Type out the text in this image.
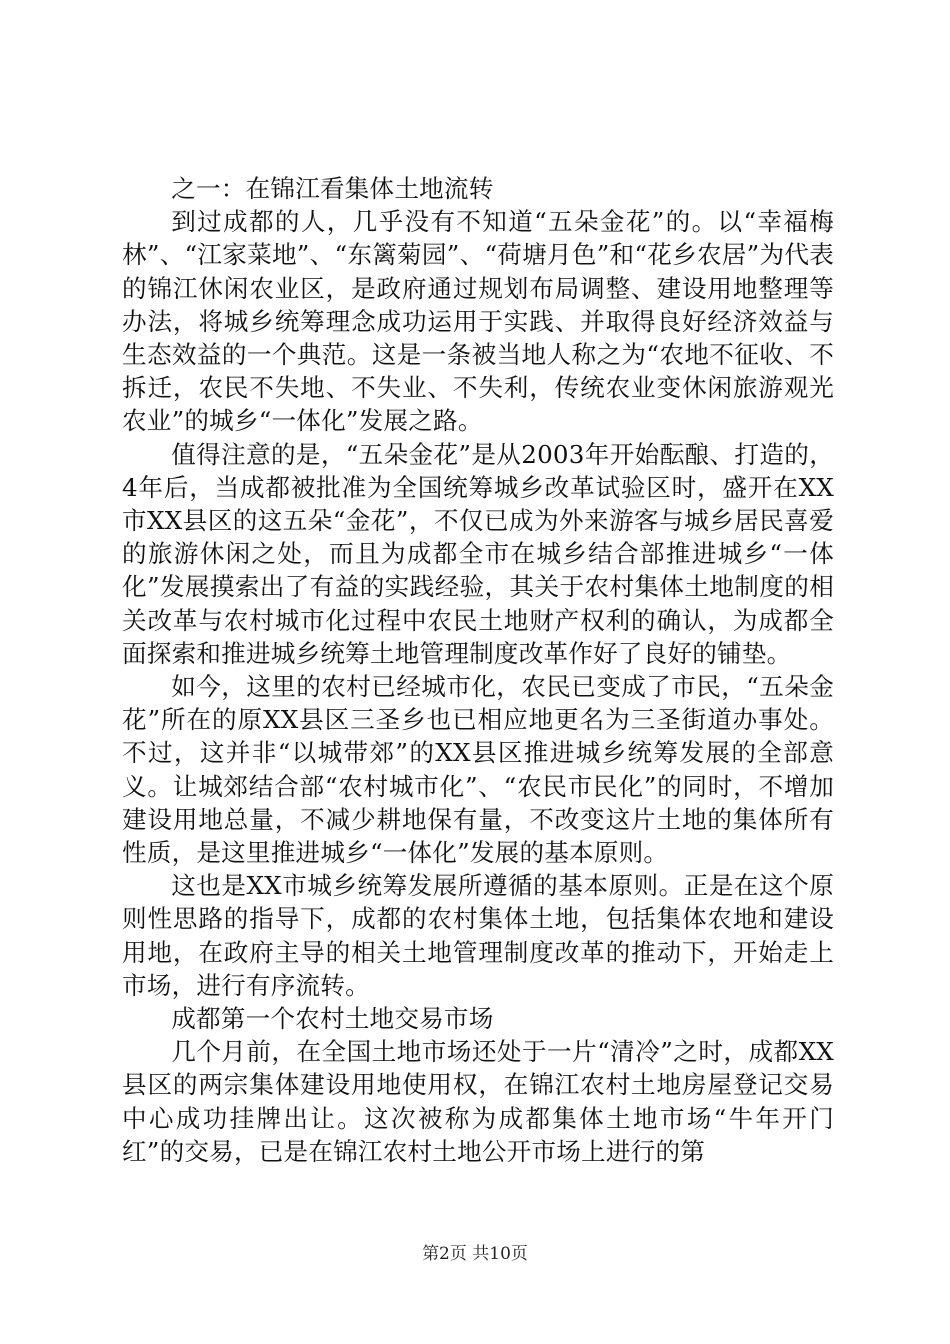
之一：在锦江看集体土地流转

到过成都的人，几乎没有不知道“五朵金花”的。以“幸福梅林”、“江家菜地”、“东篱菊园”、“荷塘月色”和“花乡农居”为代表的锦江休闲农业区，是政府通过规划布局调整、建设用地整理等办法，将城乡统筹理念成功运用于实践、并取得良好经济效益与生态效益的一个典范。这是一条被当地人称之为“农地不征收、不拆迁，农民不失地、不失业、不失利，传统农业变休闲旅游观光农业”的城乡“一体化”发展之路。

值得注意的是，“五朵金花”是从2003年开始酝酿、打造的，4年后，当成都被批准为全国统筹城乡改革试验区时，盛开在XX市XX县区的这五朵“金花”，不仅已成为外来游客与城乡居民喜爱的旅游休闲之处，而且为成都全市在城乡结合部推进城乡“一体化”发展摸索出了有益的实践经验，其关于农村集体土地制度的相关改革与农村城市化过程中农民土地财产权利的确认，为成都全面探索和推进城乡统筹土地管理制度改革作好了良好的铺垫。

如今，这里的农村已经城市化，农民已变成了市民，“五朵金花”所在的原XX县区三圣乡也已相应地更名为三圣街道办事处。不过，这并非“以城带郊”的XX县区推进城乡统筹发展的全部意义。让城郊结合部“农村城市化”、“农民市民化”的同时，不增加建设用地总量，不减少耕地保有量，不改变这片土地的集体所有性质，是这里推进城乡“一体化”发展的基本原则。

这也是XX市城乡统筹发展所遵循的基本原则。正是在这个原则性思路的指导下，成都的农村集体土地，包括集体农地和建设用地，在政府主导的相关土地管理制度改革的推动下，开始走上市场，进行有序流转。

成都第一个农村土地交易市场

几个月前，在全国土地市场还处于一片“清冷”之时，成都XX县区的两宗集体建设用地使用权，在锦江农村土地房屋登记交易中心成功挂牌出让。这次被称为成都集体土地市场“牛年开门红”的交易，已是在锦江农村土地公开市场上进行的第

第2页 共10页
